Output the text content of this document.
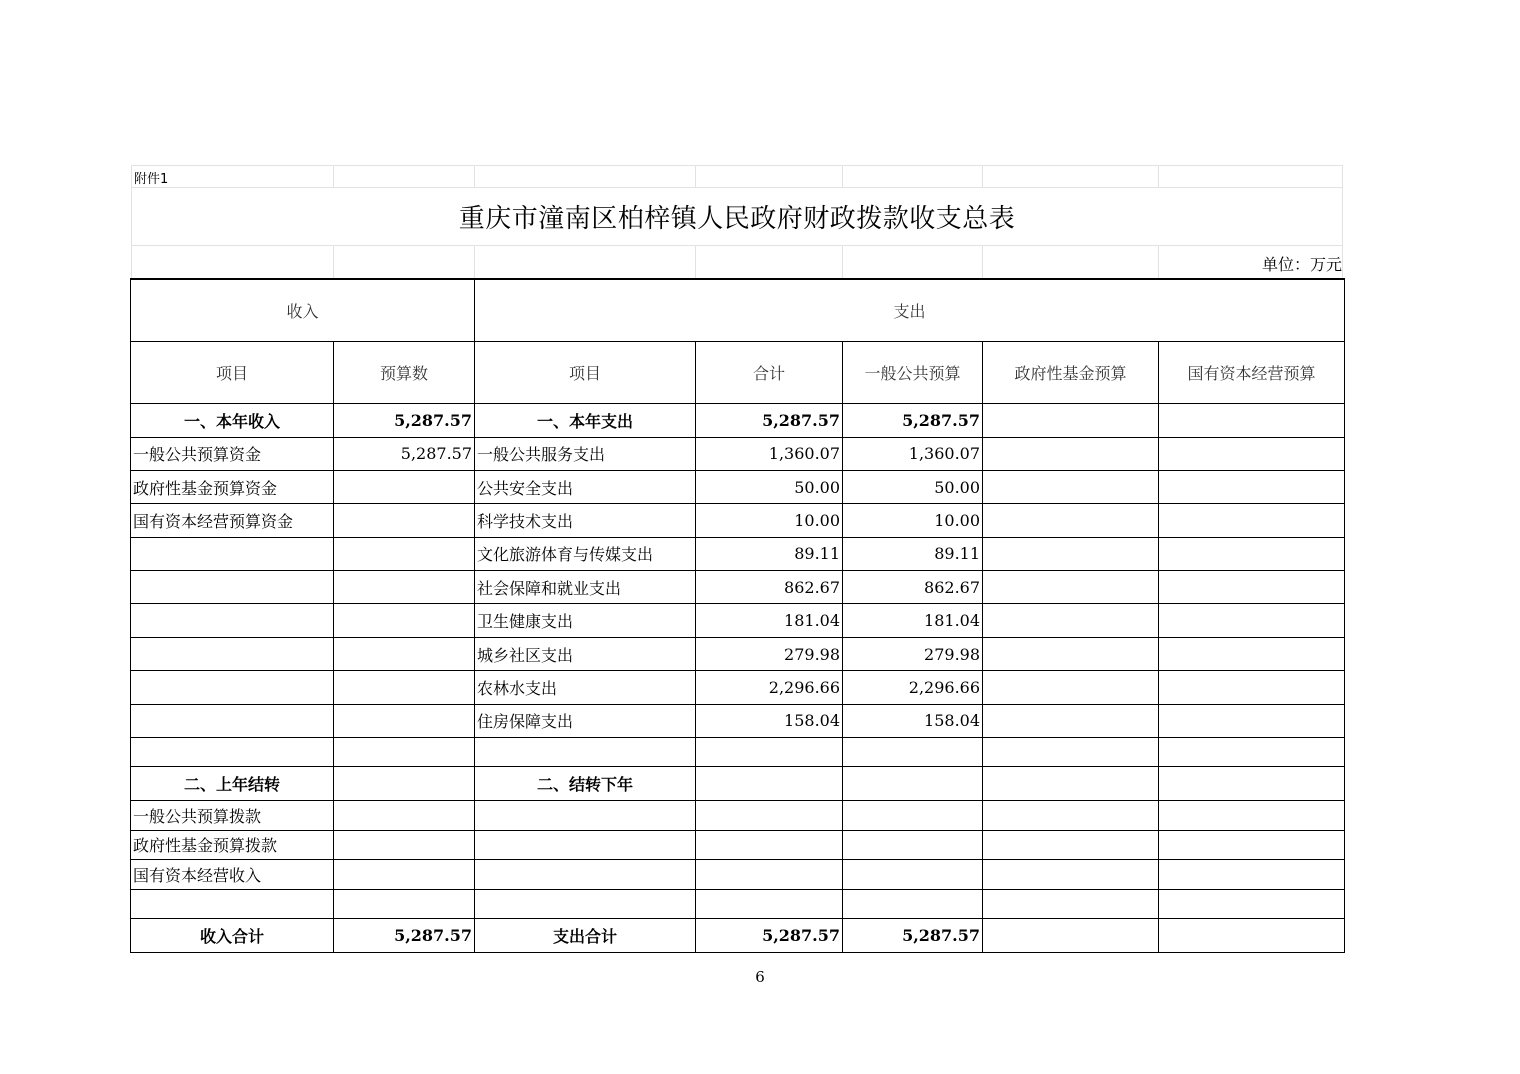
附件1
重庆市潼南区柏梓镇人民政府财政拨款收支总表
单位：万元
收入		支出				
项目	预算数	项目	合计	一般公共预算	政府性基金预算	国有资本经营预算
一、本年收入	5,287.57	一、本年支出	5,287.57	5,287.57		
一般公共预算资金	5,287.57	一般公共服务支出	1,360.07	1,360.07		
政府性基金预算资金		公共安全支出	50.00	50.00		
国有资本经营预算资金		科学技术支出	10.00	10.00		
		文化旅游体育与传媒支出	89.11	89.11		
		社会保障和就业支出	862.67	862.67		
		卫生健康支出	181.04	181.04		
		城乡社区支出	279.98	279.98		
		农林水支出	2,296.66	2,296.66		
		住房保障支出	158.04	158.04		

二、上年结转		二、结转下年				
一般公共预算拨款						
政府性基金预算拨款						
国有资本经营收入						

收入合计	5,287.57	支出合计	5,287.57	5,287.57		
6
